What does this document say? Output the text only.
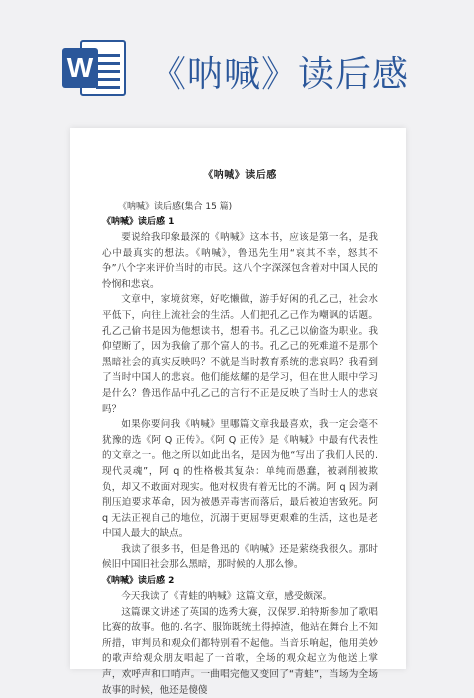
W 《呐喊》读后感
《呐喊》读后感
《呐喊》读后感(集合 15 篇)
《呐喊》读后感 1

要说给我印象最深的《呐喊》这本书，应该是第一名，是我心中最真实的想法。《呐喊》，鲁迅先生用“哀其不幸，怒其不争”八个字来评价当时的市民。这八个字深深包含着对中国人民的怜悯和悲哀。

文章中，家境贫寒，好吃懒做，游手好闲的孔乙己，社会水平低下，向往上流社会的生活。人们把孔乙己作为嘲讽的话题。孔乙己偷书是因为他想读书，想看书。孔乙己以偷盗为职业。我仰望断了，因为我偷了那个富人的书。孔乙己的死难道不是那个黑暗社会的真实反映吗？不就是当时教育系统的悲哀吗？我看到了当时中国人的悲哀。他们能炫耀的是学习，但在世人眼中学习是什么？鲁迅作品中孔乙己的言行不正是反映了当时士人的悲哀吗？

如果你要问我《呐喊》里哪篇文章我最喜欢，我一定会毫不犹豫的选《阿 Q 正传》。《阿 Q 正传》是《呐喊》中最有代表性的文章之一。他之所以如此出名，是因为他“写出了我们人民的.现代灵魂”，阿 q 的性格极其复杂：单纯而愚蠢，被剥削被欺负，却又不敢面对现实。他对权贵有着无比的不满。阿 q 因为剥削压迫要求革命，因为被愚弄毒害而落后，最后被迫害致死。阿 q 无法正视自己的地位，沉溺于更屈辱更艰难的生活，这也是老中国人最大的缺点。

我读了很多书，但是鲁迅的《呐喊》还是萦绕我很久。那时候旧中国旧社会那么黑暗，那时候的人那么惨。

《呐喊》读后感 2

今天我读了《青蛙的呐喊》这篇文章，感受颇深。

这篇课文讲述了英国的选秀大赛，汉保罗.珀特斯参加了歌唱比赛的故事。他的.名字、服饰既统土得掉渣，他站在舞台上不知所措，审判员和观众们都特别看不起他。当音乐响起，他用美妙的歌声给观众朋友唱起了一首歌，全场的观众起立为他送上掌声，欢呼声和口哨声。一曲唱完他又变回了“青蛙”，当场为全场故事的时候，他还是傻傻
